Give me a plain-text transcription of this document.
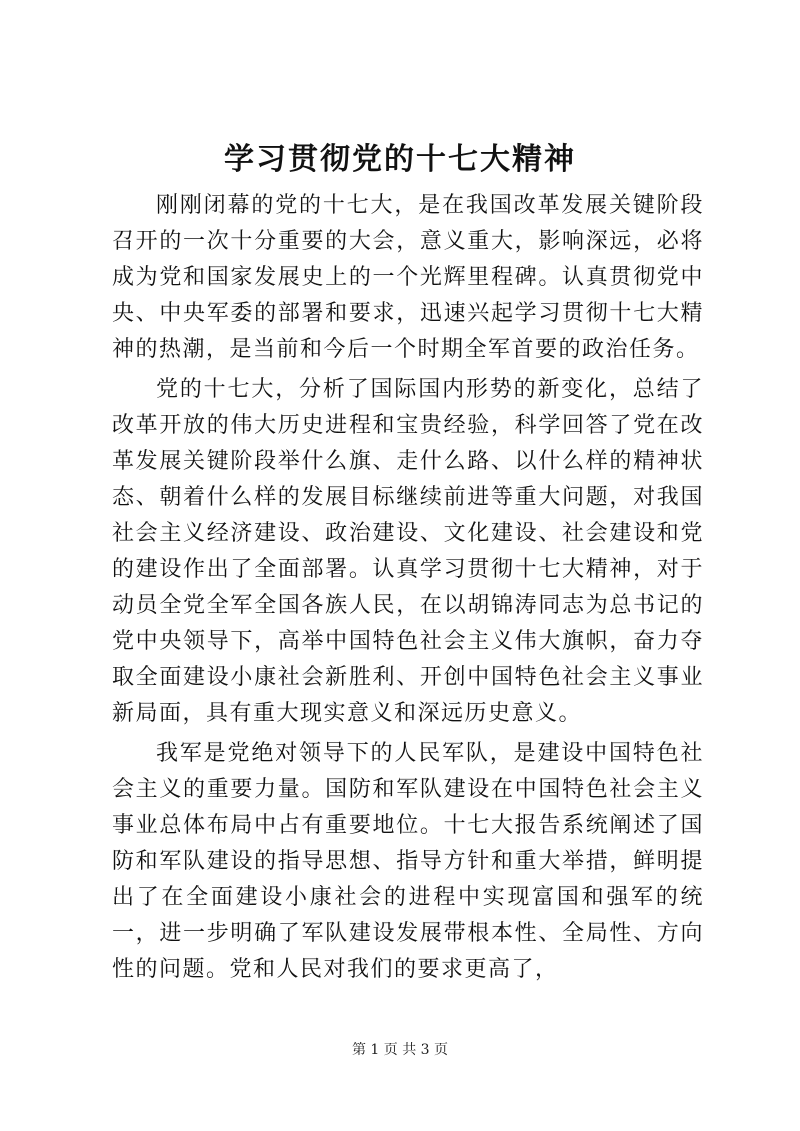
学习贯彻党的十七大精神

刚刚闭幕的党的十七大，是在我国改革发展关键阶段召开的一次十分重要的大会，意义重大，影响深远，必将成为党和国家发展史上的一个光辉里程碑。认真贯彻党中央、中央军委的部署和要求，迅速兴起学习贯彻十七大精神的热潮，是当前和今后一个时期全军首要的政治任务。

党的十七大，分析了国际国内形势的新变化，总结了改革开放的伟大历史进程和宝贵经验，科学回答了党在改革发展关键阶段举什么旗、走什么路、以什么样的精神状态、朝着什么样的发展目标继续前进等重大问题，对我国社会主义经济建设、政治建设、文化建设、社会建设和党的建设作出了全面部署。认真学习贯彻十七大精神，对于动员全党全军全国各族人民，在以胡锦涛同志为总书记的党中央领导下，高举中国特色社会主义伟大旗帜，奋力夺取全面建设小康社会新胜利、开创中国特色社会主义事业新局面，具有重大现实意义和深远历史意义。

我军是党绝对领导下的人民军队，是建设中国特色社会主义的重要力量。国防和军队建设在中国特色社会主义事业总体布局中占有重要地位。十七大报告系统阐述了国防和军队建设的指导思想、指导方针和重大举措，鲜明提出了在全面建设小康社会的进程中实现富国和强军的统一，进一步明确了军队建设发展带根本性、全局性、方向性的问题。党和人民对我们的要求更高了，

第 1 页 共 3 页
